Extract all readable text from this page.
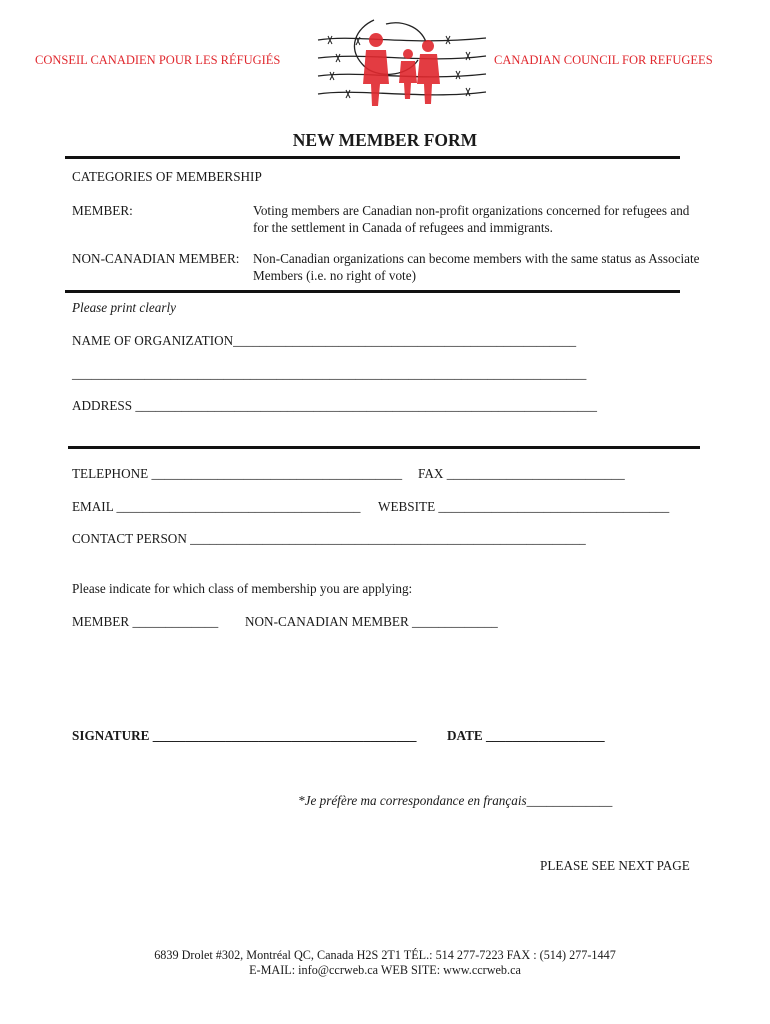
CONSEIL CANADIEN POUR LES RÉFUGIÉS	CANADIAN COUNCIL FOR REFUGEES
NEW MEMBER FORM
CATEGORIES OF MEMBERSHIP
MEMBER:	Voting members are Canadian non-profit organizations concerned for refugees and for the settlement in Canada of refugees and immigrants.
NON-CANADIAN MEMBER: Non-Canadian organizations can become members with the same status as Associate Members (i.e. no right of vote)
Please print clearly
NAME OF ORGANIZATION____________________________________________________
______________________________________________________________________________
ADDRESS ______________________________________________________________________
TELEPHONE ______________________________________ FAX ___________________________
EMAIL _____________________________________ WEBSITE ___________________________________
CONTACT PERSON ____________________________________________________________
Please indicate for which class of membership you are applying:
MEMBER _____________ NON-CANADIAN MEMBER _____________
SIGNATURE ________________________________________ DATE __________________
*Je préfère ma correspondance en français_____________
PLEASE SEE NEXT PAGE
6839 Drolet #302, Montréal QC, Canada H2S 2T1 TÉL.: 514 277-7223 FAX : (514) 277-1447
E-MAIL: info@ccrweb.ca WEB SITE: www.ccrweb.ca
